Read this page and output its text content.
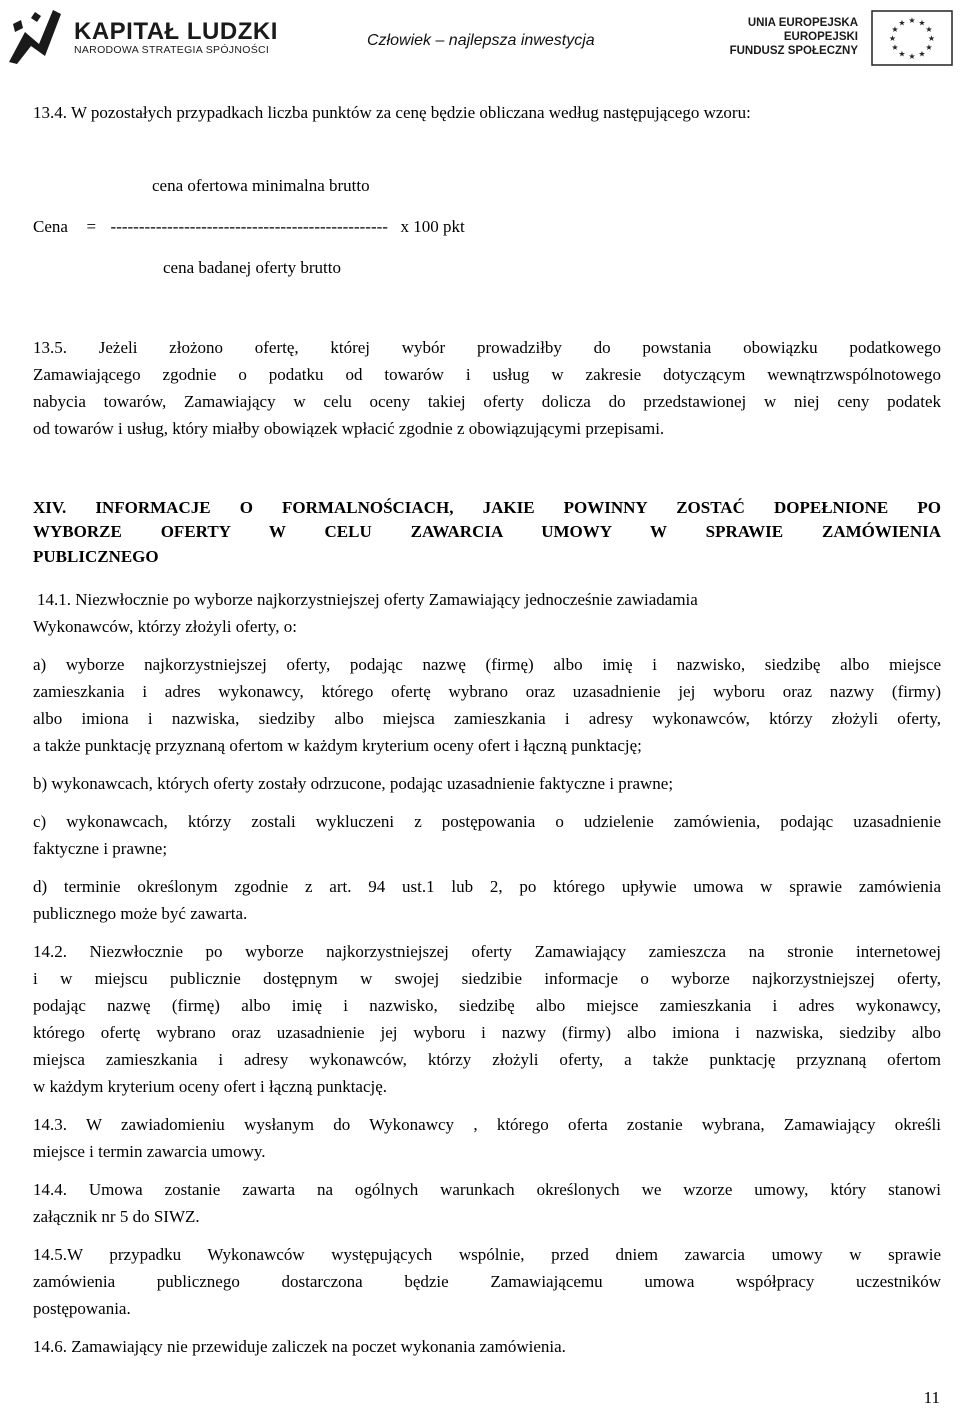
KAPITAŁ LUDZKI
NARODOWA STRATEGIA SPÓJNOŚCI
Człowiek – najlepsza inwestycja
UNIA EUROPEJSKA
EUROPEJSKI
FUNDUSZ SPOŁECZNY
★ ★
★
★
★
★
★
★
★
★
★
★
13.4. W pozostałych przypadkach liczba punktów za cenę będzie obliczana według następującego wzoru:
cena ofertowa minimalna brutto
Cena = ------------------------------------------------- x 100 pkt
cena badanej oferty brutto
13.5. Jeżeli złożono ofertę, której wybór prowadziłby do powstania obowiązku podatkowego
Zamawiającego zgodnie o podatku od towarów i usług w zakresie dotyczącym wewnątrzwspólnotowego
nabycia towarów, Zamawiający w celu oceny takiej oferty dolicza do przedstawionej w niej ceny podatek
od towarów i usług, który miałby obowiązek wpłacić zgodnie z obowiązującymi przepisami.
XIV. INFORMACJE O FORMALNOŚCIACH, JAKIE POWINNY ZOSTAĆ DOPEŁNIONE PO
WYBORZE OFERTY W CELU ZAWARCIA UMOWY W SPRAWIE ZAMÓWIENIA
PUBLICZNEGO
14.1. Niezwłocznie po wyborze najkorzystniejszej oferty Zamawiający jednocześnie zawiadamia
Wykonawców, którzy złożyli oferty, o:
a) wyborze najkorzystniejszej oferty, podając nazwę (firmę) albo imię i nazwisko, siedzibę albo miejsce
zamieszkania i adres wykonawcy, którego ofertę wybrano oraz uzasadnienie jej wyboru oraz nazwy (firmy)
albo imiona i nazwiska, siedziby albo miejsca zamieszkania i adresy wykonawców, którzy złożyli oferty,
a także punktację przyznaną ofertom w każdym kryterium oceny ofert i łączną punktację;
b) wykonawcach, których oferty zostały odrzucone, podając uzasadnienie faktyczne i prawne;
c) wykonawcach, którzy zostali wykluczeni z postępowania o udzielenie zamówienia, podając uzasadnienie
faktyczne i prawne;
d) terminie określonym zgodnie z art. 94 ust.1 lub 2, po którego upływie umowa w sprawie zamówienia
publicznego może być zawarta.
14.2. Niezwłocznie po wyborze najkorzystniejszej oferty Zamawiający zamieszcza na stronie internetowej
i w miejscu publicznie dostępnym w swojej siedzibie informacje o wyborze najkorzystniejszej oferty,
podając nazwę (firmę) albo imię i nazwisko, siedzibę albo miejsce zamieszkania i adres wykonawcy,
którego ofertę wybrano oraz uzasadnienie jej wyboru i nazwy (firmy) albo imiona i nazwiska, siedziby albo
miejsca zamieszkania i adresy wykonawców, którzy złożyli oferty, a także punktację przyznaną ofertom
w każdym kryterium oceny ofert i łączną punktację.
14.3. W zawiadomieniu wysłanym do Wykonawcy , którego oferta zostanie wybrana, Zamawiający określi
miejsce i termin zawarcia umowy.
14.4. Umowa zostanie zawarta na ogólnych warunkach określonych we wzorze umowy, który stanowi
załącznik nr 5 do SIWZ.
14.5.W przypadku Wykonawców występujących wspólnie, przed dniem zawarcia umowy w sprawie
zamówienia publicznego dostarczona będzie Zamawiającemu umowa współpracy uczestników
postępowania.
14.6. Zamawiający nie przewiduje zaliczek na poczet wykonania zamówienia.
11
